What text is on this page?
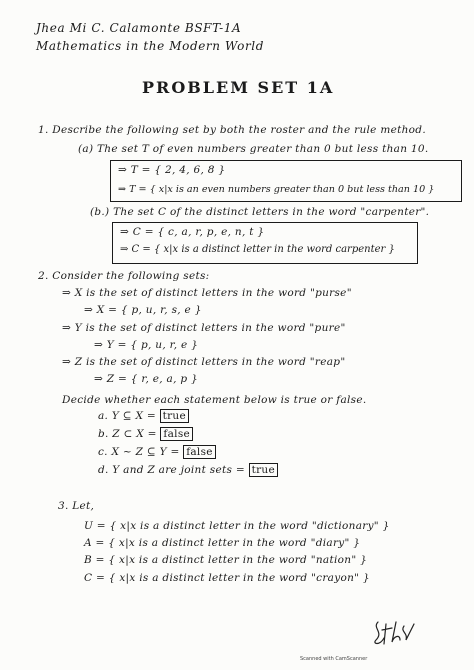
Jhea Mi C. Calamonte BSFT-1A
Mathematics in the Modern World
PROBLEM SET 1A
1. Describe the following set by both the roster and the rule method.
(a) The set T of even numbers greater than 0 but less than 10.
⇒ T = { 2, 4, 6, 8 }
⇒ T = { x|x is an even numbers greater than 0 but less than 10 }
(b.) The set C of the distinct letters in the word "carpenter".
⇒ C = { c, a, r, p, e, n, t }
⇒ C = { x|x is a distinct letter in the word carpenter }
2. Consider the following sets:
⇒ X is the set of distinct letters in the word "purse"
⇒ X = { p, u, r, s, e }
⇒ Y is the set of distinct letters in the word "pure"
⇒ Y = { p, u, r, e }
⇒ Z is the set of distinct letters in the word "reap"
⇒ Z = { r, e, a, p }
Decide whether each statement below is true or false.
a. Y ⊆ X = true
b. Z ⊂ X = false
c. X ~ Z ⊆ Y = false
d. Y and Z are joint sets = true
3. Let,
U = { x|x is a distinct letter in the word "dictionary" }
A = { x|x is a distinct letter in the word "diary" }
B = { x|x is a distinct letter in the word "nation" }
C = { x|x is a distinct letter in the word "crayon" }
Scanned with CamScanner
